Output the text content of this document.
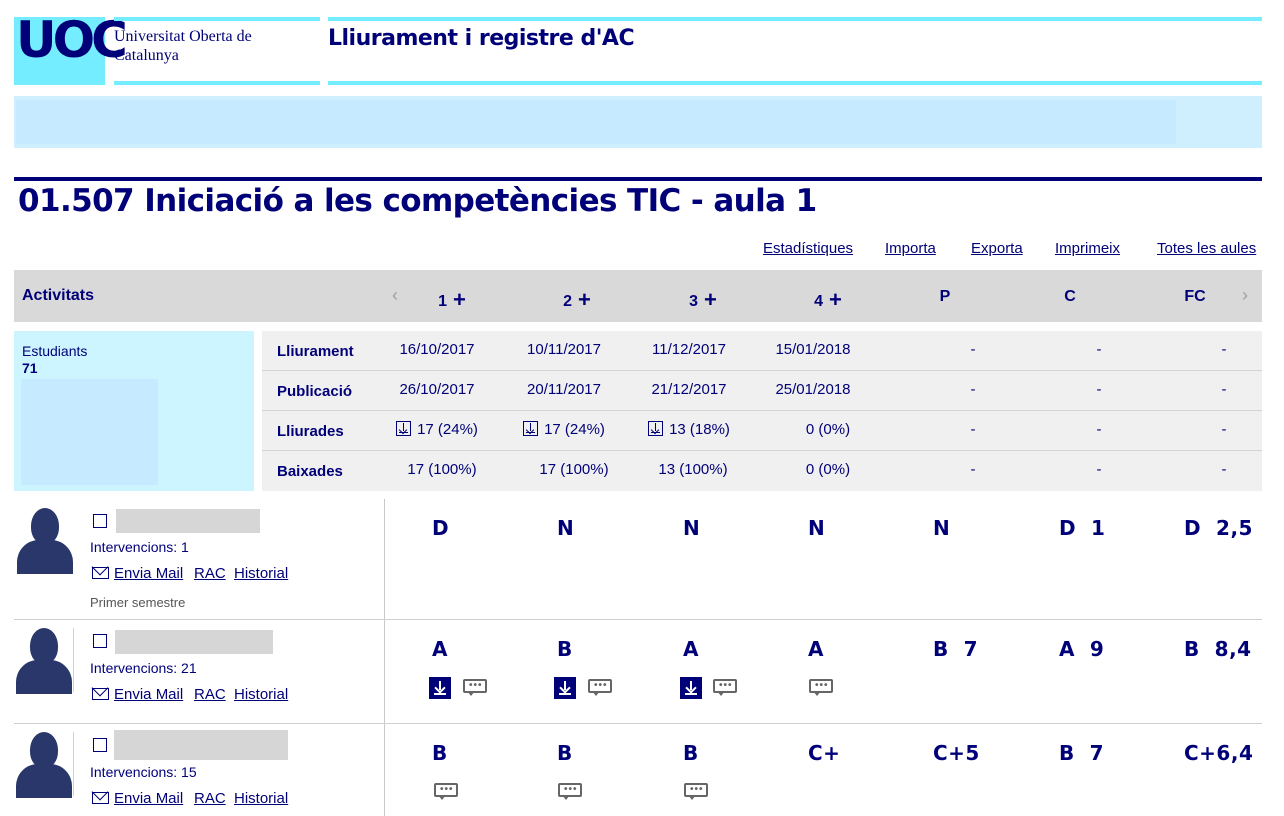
UOC
Universitat Oberta de Catalunya
Lliurament i registre d'AC
01.507 Iniciació a les competències TIC - aula 1
Estadístiques Importa Exporta Imprimeix Totes les aules
Activitats	‹	1 +	2 +	3 +	4 +	P	C	FC	›
Estudiants
71
Lliurament	16/10/2017	10/11/2017	11/12/2017	15/01/2018	-	-	-
Publicació	26/10/2017	20/11/2017	21/12/2017	25/01/2018	-	-	-
Lliurades	17 (24%)	17 (24%)	13 (18%)	0 (0%)	-	-	-
Baixades	17 (100%)	17 (100%)	13 (100%)	0 (0%)	-	-	-
Intervencions: 1
Envia Mail RAC Historial
Primer semestre
D	N	N	N	N	D  1	D  2,5
Intervencions: 21
Envia Mail RAC Historial
A	B	A	A	B  7	A  9	B  8,4
•••	•••	•••	•••
Intervencions: 15
Envia Mail RAC Historial
B	B	B	C+	C+5	B  7	C+6,4
•••	•••	•••
